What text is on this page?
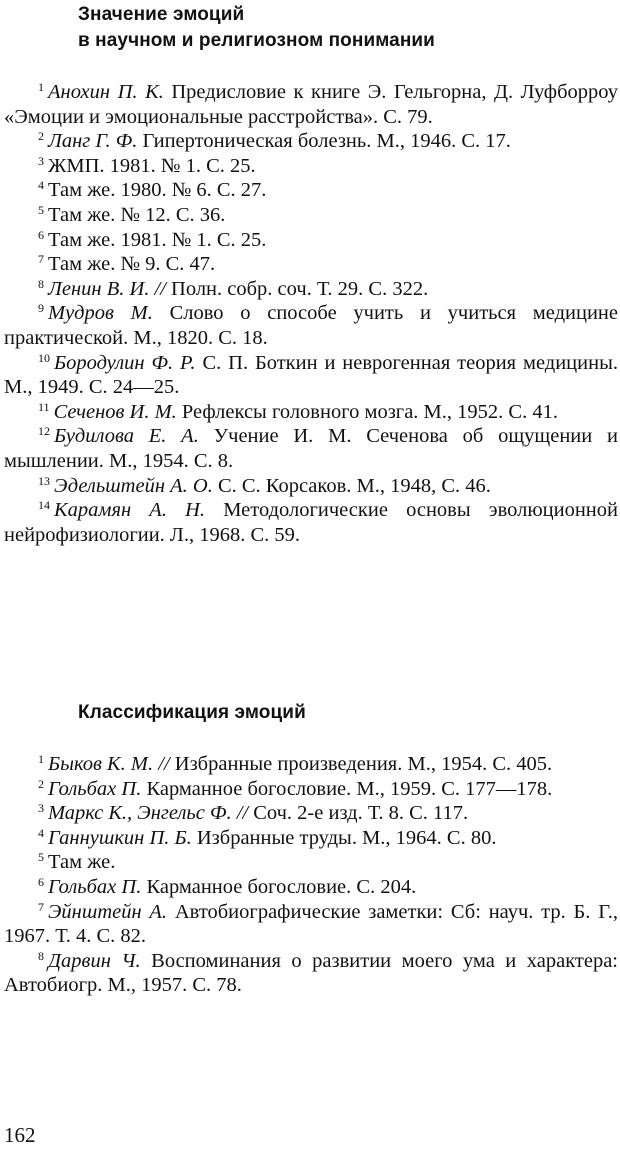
Значение эмоций
в научном и религиозном понимании

$^1$ Анохин П. К. Предисловие к книге Э. Гельгорна, Д. Луфборроу «Эмоции и эмоциональные расстройства». С. 79.

$^2$ Ланг Г. Ф. Гипертоническая болезнь. М., 1946. С. 17.

$^3$ ЖМП. 1981. № 1. С. 25.

$^4$ Там же. 1980. № 6. С. 27.

$^5$ Там же. № 12. С. 36.

$^6$ Там же. 1981. № 1. С. 25.

$^7$ Там же. № 9. С. 47.

$^8$ Ленин В. И. // Полн. собр. соч. Т. 29. С. 322.

$^9$ Мудров М. Слово о способе учить и учиться медицине практической. М., 1820. С. 18.

$^{10}$ Бородулин Ф. Р. С. П. Боткин и неврогенная теория медицины. М., 1949. С. 24—25.

$^{11}$ Сеченов И. М. Рефлексы головного мозга. М., 1952. С. 41.

$^{12}$ Будилова Е. А. Учение И. М. Сеченова об ощущении и мышлении. М., 1954. С. 8.

$^{13}$ Эдельштейн А. О. С. С. Корсаков. М., 1948, С. 46.

$^{14}$ Карамян А. Н. Методологические основы эволюционной нейрофизиологии. Л., 1968. С. 59.

Классификация эмоций

$^1$ Быков К. М. // Избранные произведения. М., 1954. С. 405.

$^2$ Гольбах П. Карманное богословие. М., 1959. С. 177—178.

$^3$ Маркс К., Энгельс Ф. // Соч. 2-е изд. Т. 8. С. 117.

$^4$ Ганнушкин П. Б. Избранные труды. М., 1964. С. 80.

$^5$ Там же.

$^6$ Гольбах П. Карманное богословие. С. 204.

$^7$ Эйнштейн А. Автобиографические заметки: Сб: науч. тр. Б. Г., 1967. Т. 4. С. 82.

$^8$ Дарвин Ч. Воспоминания о развитии моего ума и характера: Автобиогр. М., 1957. С. 78.

162
